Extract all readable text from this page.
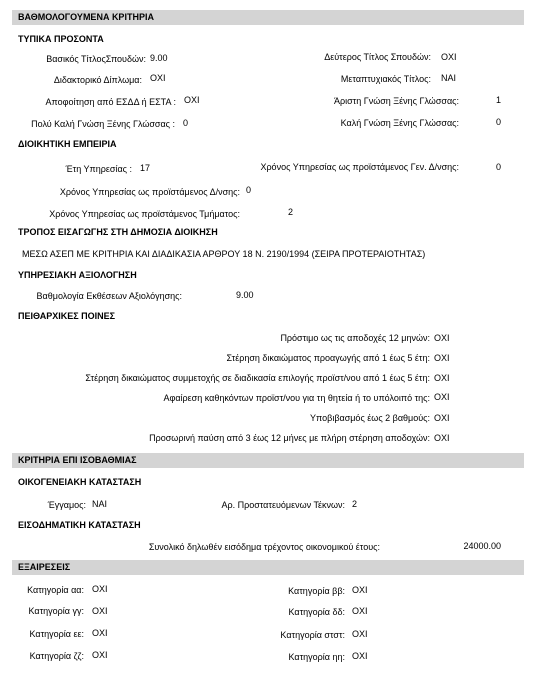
ΒΑΘΜΟΛΟΓΟΥΜΕΝΑ ΚΡΙΤΗΡΙΑ
ΤΥΠΙΚΑ ΠΡΟΣΟΝΤΑ
Βασικός ΤίτλοςΣπουδών: 9.00	Δεύτερος Τίτλος Σπουδών: ΟΧΙ
Διδακτορικό Δίπλωμα: ΟΧΙ	Μεταπτυχιακός Τίτλος: ΝΑΙ
Αποφοίτηση από ΕΣΔΔ ή ΕΣΤΑ : ΟΧΙ	Άριστη Γνώση Ξένης Γλώσσας:	1
Πολύ Καλή Γνώση Ξένης Γλώσσας : 0	Καλή Γνώση Ξένης Γλώσσας:	0
ΔΙΟΙΚΗΤΙΚΗ ΕΜΠΕΙΡΙΑ
Έτη Υπηρεσίας : 17	Χρόνος Υπηρεσίας ως προϊστάμενος Γεν. Δ/νσης:	0
Χρόνος Υπηρεσίας ως προϊστάμενος Δ/νσης: 0
Χρόνος Υπηρεσίας ως προϊστάμενος Τμήματος:	2
ΤΡΟΠΟΣ ΕΙΣΑΓΩΓΗΣ ΣΤΗ ΔΗΜΟΣΙΑ ΔΙΟΙΚΗΣΗ
ΜΕΣΩ ΑΣΕΠ ΜΕ ΚΡΙΤΗΡΙΑ ΚΑΙ ΔΙΑΔΙΚΑΣΙΑ ΑΡΘΡΟΥ 18 Ν. 2190/1994 (ΣΕΙΡΑ ΠΡΟΤΕΡΑΙΟΤΗΤΑΣ)
ΥΠΗΡΕΣΙΑΚΗ ΑΞΙΟΛΟΓΗΣΗ
Βαθμολογία Εκθέσεων Αξιολόγησης:	9.00
ΠΕΙΘΑΡΧΙΚΕΣ ΠΟΙΝΕΣ
Πρόστιμο ως τις αποδοχές 12 μηνών: ΟΧΙ
Στέρηση δικαιώματος προαγωγής από 1 έως 5 έτη: ΟΧΙ
Στέρηση δικαιώματος συμμετοχής σε διαδικασία επιλογής προϊστ/νου από 1 έως 5 έτη: ΟΧΙ
Αφαίρεση καθηκόντων προϊστ/νου για τη θητεία ή το υπόλοιπό της: ΟΧΙ
Υποβιβασμός έως 2 βαθμούς: ΟΧΙ
Προσωρινή παύση από 3 έως 12 μήνες με πλήρη στέρηση αποδοχών: ΟΧΙ
ΚΡΙΤΗΡΙΑ ΕΠΙ ΙΣΟΒΑΘΜΙΑΣ
ΟΙΚΟΓΕΝΕΙΑΚΗ ΚΑΤΑΣΤΑΣΗ
Έγγαμος: ΝΑΙ	Αρ. Προστατευόμενων Τέκνων: 2
ΕΙΣΟΔΗΜΑΤΙΚΗ ΚΑΤΑΣΤΑΣΗ
Συνολικό δηλωθέν εισόδημα τρέχοντος οικονομικού έτους:	24000.00
ΕΞΑΙΡΕΣΕΙΣ
Κατηγορία αα: ΟΧΙ	Κατηγορία ββ: ΟΧΙ
Κατηγορία γγ: ΟΧΙ	Κατηγορία δδ: ΟΧΙ
Κατηγορία εε: ΟΧΙ	Κατηγορία στστ: ΟΧΙ
Κατηγορία ζζ: ΟΧΙ	Κατηγορία ηη: ΟΧΙ
